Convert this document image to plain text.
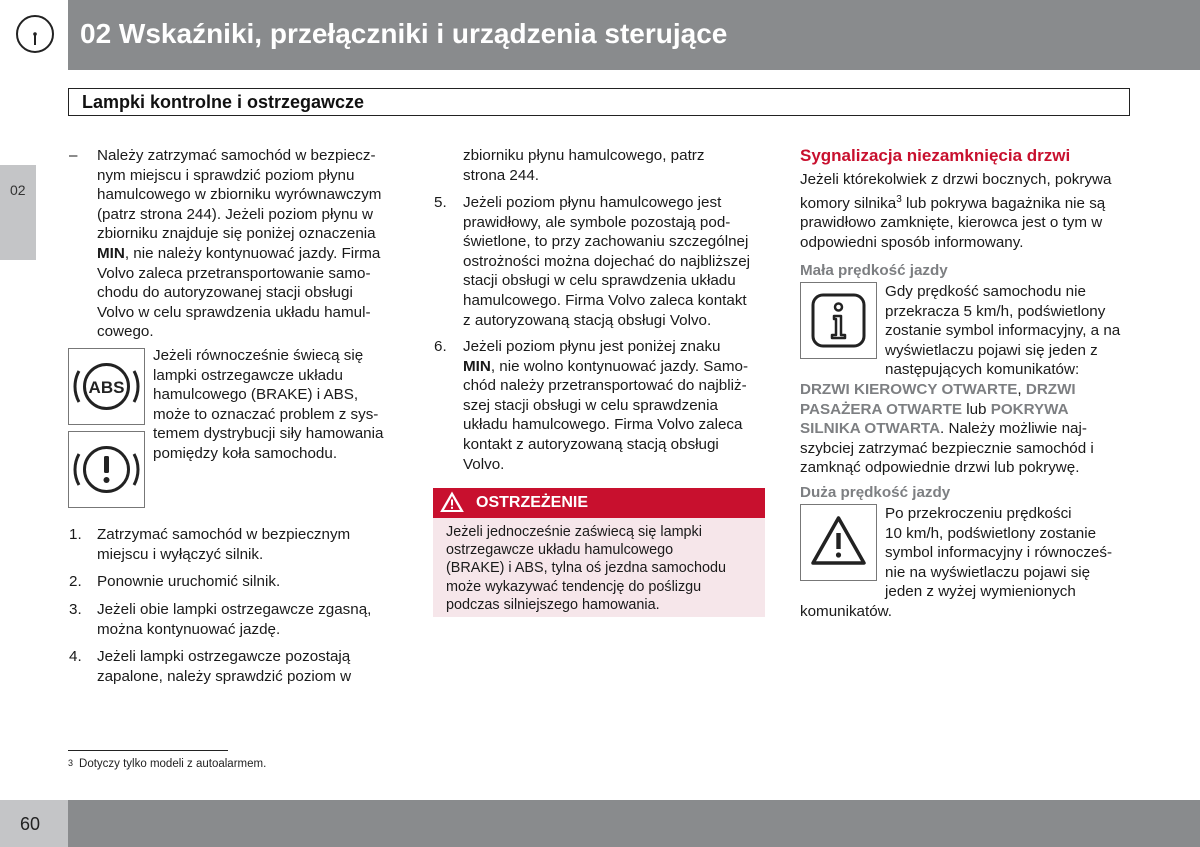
02 Wskaźniki, przełączniki i urządzenia sterujące
Lampki kontrolne i ostrzegawcze
02
– Należy zatrzymać samochód w bezpiecz-
nym miejscu i sprawdzić poziom płynu
hamulcowego w zbiorniku wyrównawczym
(patrz strona 244). Jeżeli poziom płynu w
zbiorniku znajduje się poniżej oznaczenia
MIN, nie należy kontynuować jazdy. Firma
Volvo zaleca przetransportowanie samo-
chodu do autoryzowanej stacji obsługi
Volvo w celu sprawdzenia układu hamul-
cowego.
ABS
Jeżeli równocześnie świecą się
lampki ostrzegawcze układu
hamulcowego (BRAKE) i ABS,
może to oznaczać problem z sys-
temem dystrybucji siły hamowania
pomiędzy koła samochodu.
1. Zatrzymać samochód w bezpiecznym
miejscu i wyłączyć silnik.
2. Ponownie uruchomić silnik.
3. Jeżeli obie lampki ostrzegawcze zgasną,
można kontynuować jazdę.
4. Jeżeli lampki ostrzegawcze pozostają
zapalone, należy sprawdzić poziom w
zbiorniku płynu hamulcowego, patrz
strona 244.
5. Jeżeli poziom płynu hamulcowego jest
prawidłowy, ale symbole pozostają pod-
świetlone, to przy zachowaniu szczególnej
ostrożności można dojechać do najbliższej
stacji obsługi w celu sprawdzenia układu
hamulcowego. Firma Volvo zaleca kontakt
z autoryzowaną stacją obsługi Volvo.
6. Jeżeli poziom płynu jest poniżej znaku
MIN, nie wolno kontynuować jazdy. Samo-
chód należy przetransportować do najbliż-
szej stacji obsługi w celu sprawdzenia
układu hamulcowego. Firma Volvo zaleca
kontakt z autoryzowaną stacją obsługi
Volvo.
OSTRZEŻENIE
Jeżeli jednocześnie zaświecą się lampki
ostrzegawcze układu hamulcowego
(BRAKE) i ABS, tylna oś jezdna samochodu
może wykazywać tendencję do poślizgu
podczas silniejszego hamowania.
Sygnalizacja niezamknięcia drzwi
Jeżeli którekolwiek z drzwi bocznych, pokrywa
komory silnika$^3$ lub pokrywa bagażnika nie są
prawidłowo zamknięte, kierowca jest o tym w
odpowiedni sposób informowany.
Mała prędkość jazdy
Gdy prędkość samochodu nie
przekracza 5 km/h, podświetlony
zostanie symbol informacyjny, a na
wyświetlaczu pojawi się jeden z
następujących komunikatów:
DRZWI KIEROWCY OTWARTE, DRZWI
PASAŻERA OTWARTE lub POKRYWA
SILNIKA OTWARTA. Należy możliwie naj-
szybciej zatrzymać bezpiecznie samochód i
zamknąć odpowiednie drzwi lub pokrywę.
Duża prędkość jazdy
Po przekroczeniu prędkości
10 km/h, podświetlony zostanie
symbol informacyjny i równocześ-
nie na wyświetlaczu pojawi się
jeden z wyżej wymienionych
komunikatów.
$^3$ Dotyczy tylko modeli z autoalarmem.
60
